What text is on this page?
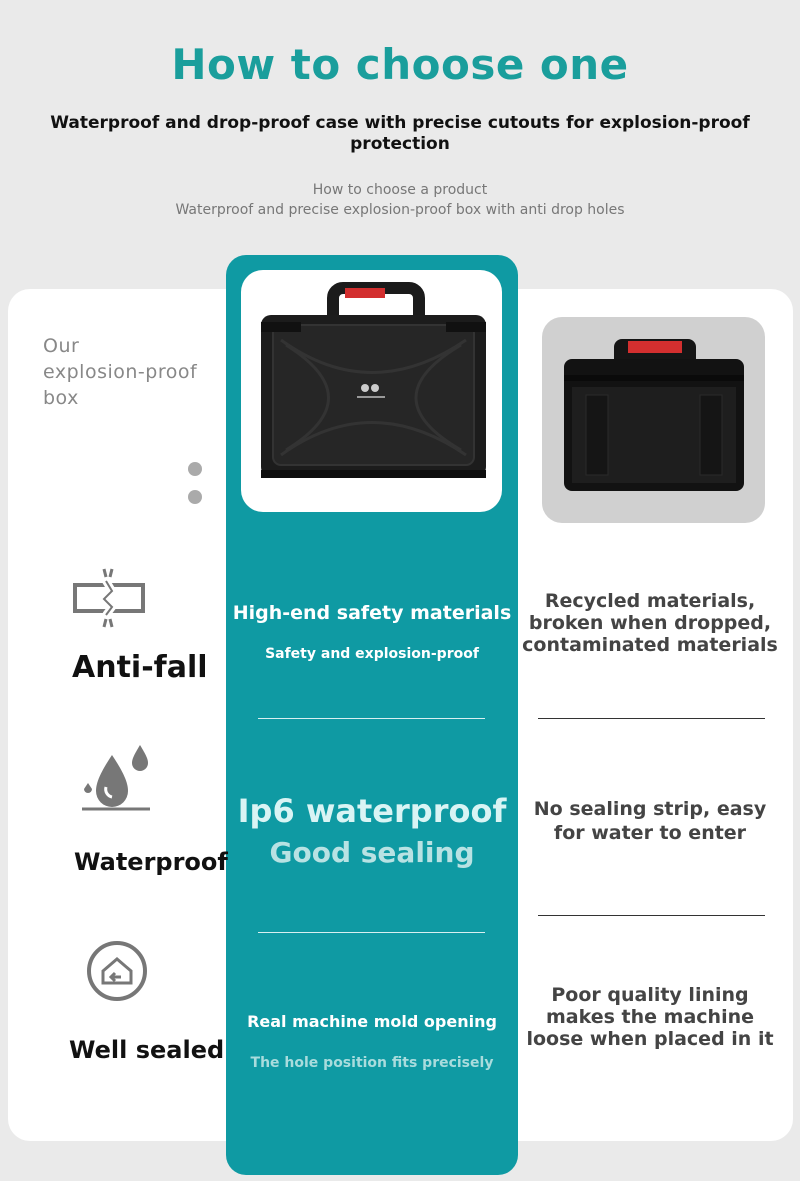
How to choose one

Waterproof and drop-proof case with precise cutouts for explosion-proof protection

How to choose a product

Waterproof and precise explosion-proof box with anti drop holes

Our
explosion-proof
box

Anti-fall

High-end safety materials

Safety and explosion-proof

Recycled materials,
broken when dropped,
contaminated materials

Waterproof

Ip6 waterproof

Good sealing

No sealing strip, easy
for water to enter

Well sealed

Real machine mold opening

The hole position fits precisely

Poor quality lining
makes the machine
loose when placed in it
